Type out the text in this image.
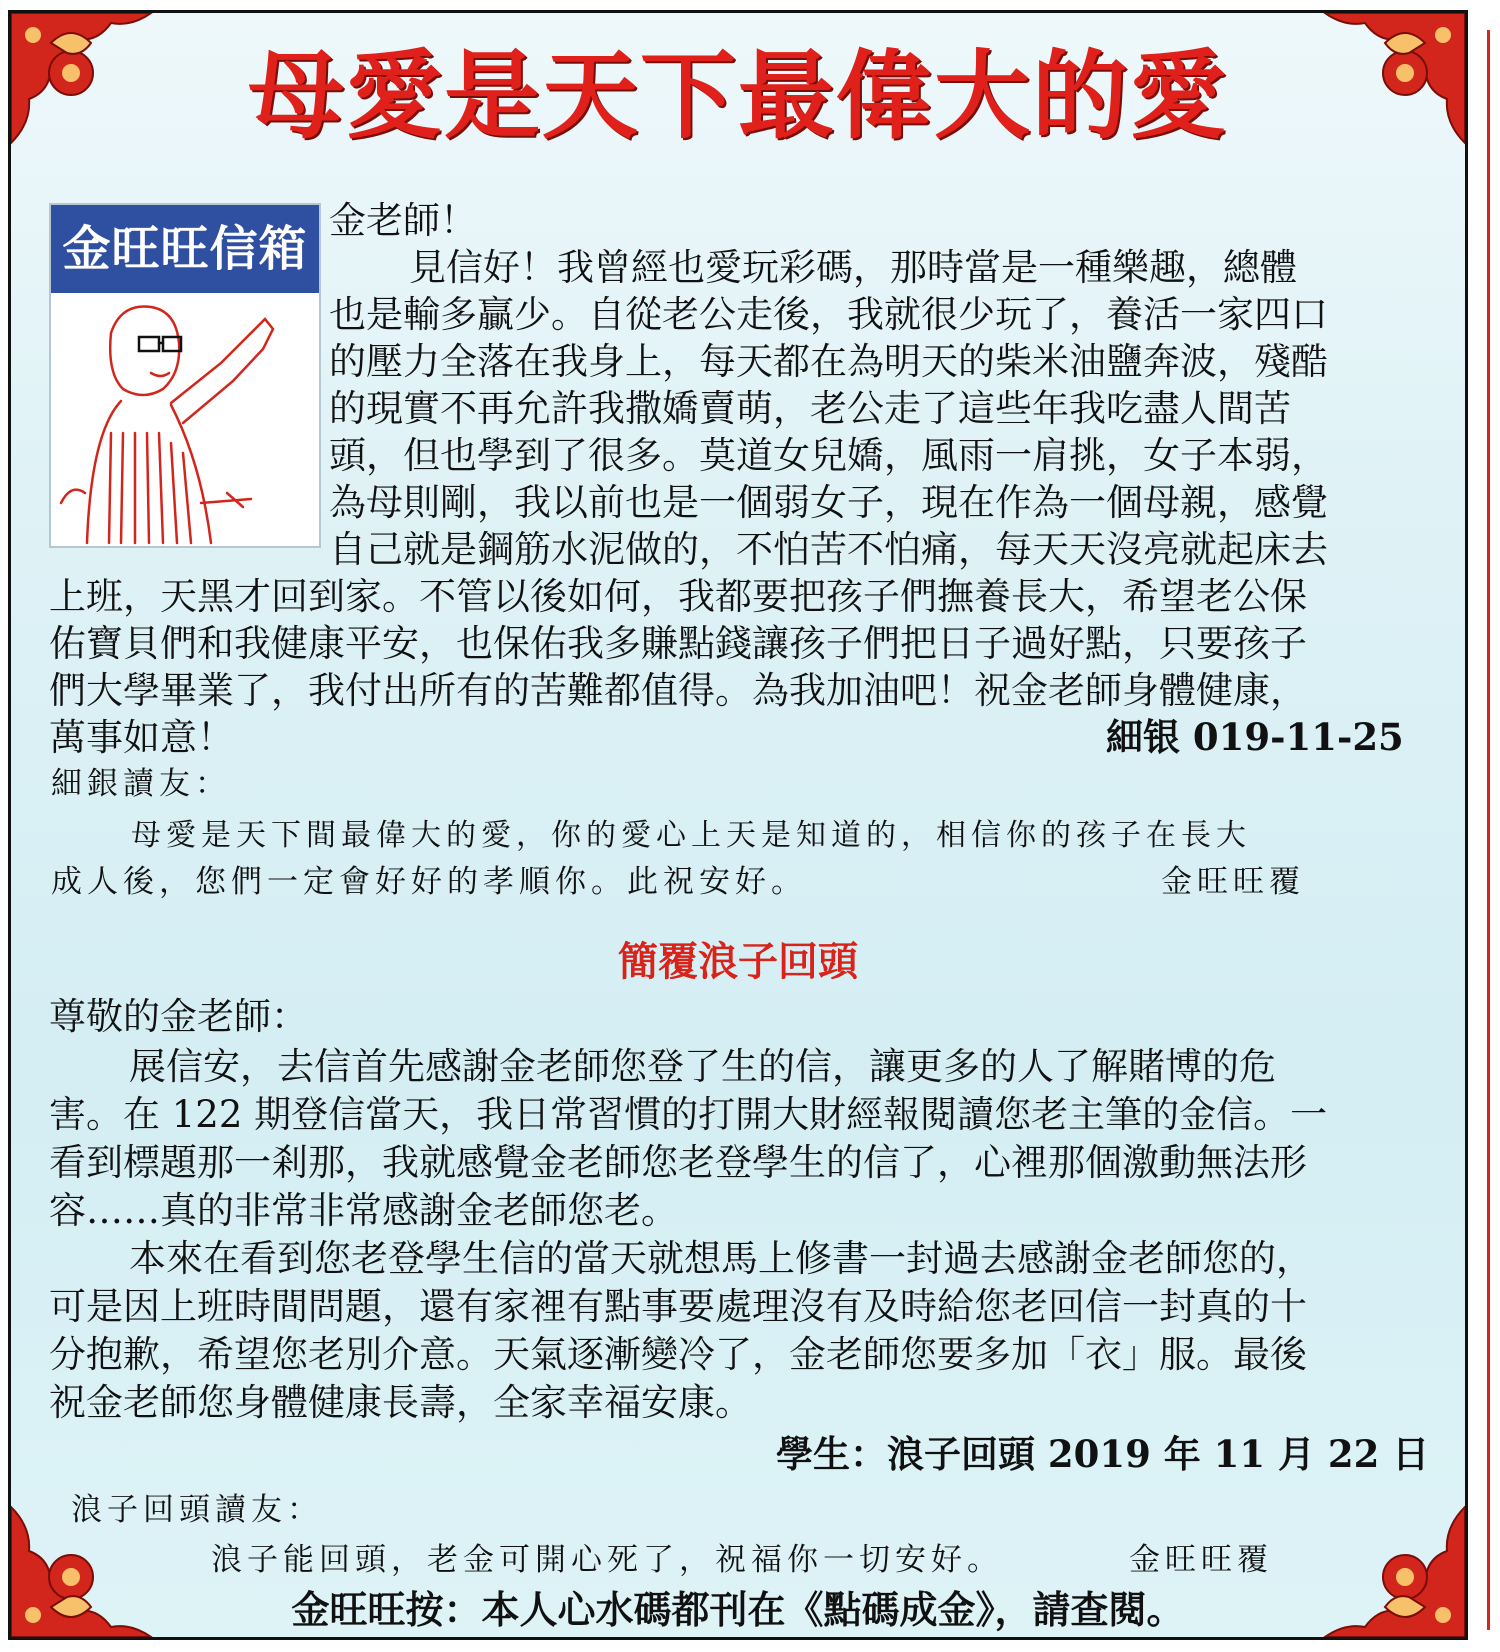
母愛是天下最偉大的愛
金旺旺信箱
金老師！
見信好！我曾經也愛玩彩碼，那時當是一種樂趣，總體
也是輸多贏少。自從老公走後，我就很少玩了，養活一家四口
的壓力全落在我身上，每天都在為明天的柴米油鹽奔波，殘酷
的現實不再允許我撒嬌賣萌，老公走了這些年我吃盡人間苦
頭，但也學到了很多。莫道女兒嬌，風雨一肩挑，女子本弱，
為母則剛，我以前也是一個弱女子，現在作為一個母親，感覺
自己就是鋼筋水泥做的，不怕苦不怕痛，每天天沒亮就起床去
上班，天黑才回到家。不管以後如何，我都要把孩子們撫養長大，希望老公保
佑寶貝們和我健康平安，也保佑我多賺點錢讓孩子們把日子過好點，只要孩子
們大學畢業了，我付出所有的苦難都值得。為我加油吧！祝金老師身體健康，
萬事如意！	細银 019-11-25
細銀讀友：
母愛是天下間最偉大的愛，你的愛心上天是知道的，相信你的孩子在長大
成人後，您們一定會好好的孝順你。此祝安好。	金旺旺覆
簡覆浪子回頭
尊敬的金老師：
展信安，去信首先感謝金老師您登了生的信，讓更多的人了解賭博的危
害。在 122 期登信當天，我日常習慣的打開大財經報閱讀您老主筆的金信。一
看到標題那一剎那，我就感覺金老師您老登學生的信了，心裡那個激動無法形
容……真的非常非常感謝金老師您老。
本來在看到您老登學生信的當天就想馬上修書一封過去感謝金老師您的，
可是因上班時間問題，還有家裡有點事要處理沒有及時給您老回信一封真的十
分抱歉，希望您老別介意。天氣逐漸變冷了，金老師您要多加「衣」服。最後
祝金老師您身體健康長壽，全家幸福安康。
學生：浪子回頭 2019 年 11 月 22 日
浪子回頭讀友：
浪子能回頭，老金可開心死了，祝福你一切安好。	金旺旺覆
金旺旺按：本人心水碼都刊在《點碼成金》，請查閱。
